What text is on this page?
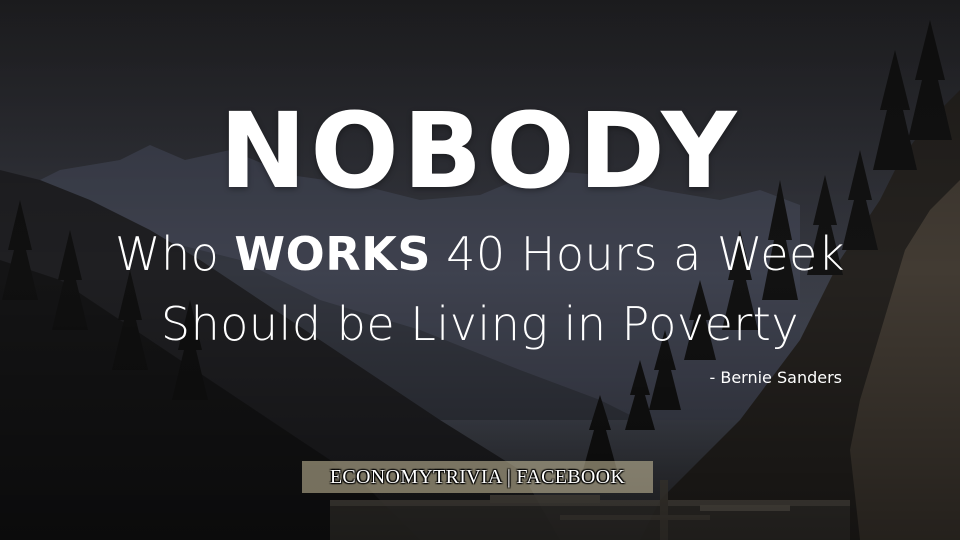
NOBODY
Who WORKS 40 Hours a Week
Should be Living in Poverty
- Bernie Sanders
ECONOMYTRIVIA | FACEBOOK
